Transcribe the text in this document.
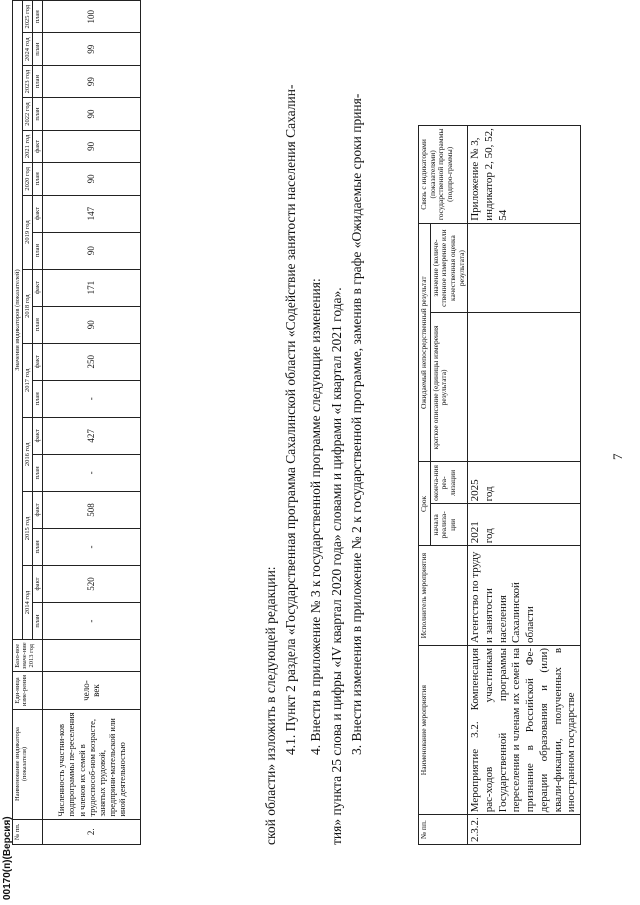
7
№ пп.	Наименование мероприятия	Исполнитель мероприятия	Срок		Ожидаемый непосредственный результат		Связь с индикаторами (показателями) государственной программы (подпро-граммы)
			начала реализа-ции	оконча-ния реа-лизации	краткое описание (единицы измерения результата)	значение (количе-ственное измерение или качественная оценка результата)	
2.3.2.	Мероприятие 3.2. Компенсация рас-ходов участникам Государственной программы переселения и членам их семей на признание в Российской Фе-дерации образования и (или) квали-фикации, полученных в иностранном государстве	Агентство по труду и занятости населения Сахалинской области	2021 год	2025 год			Приложение № 3, индикатор 2, 50, 52, 54
3. Внести изменения в приложение № 2 к государственной программе, заменив в графе «Ожидаемые сроки приня-
тия» пункта 25 слова и цифры «IV квартал 2020 года» словами и цифрами «I квартал 2021 года».
4. Внести в приложение № 3 к государственной программе следующие изменения:
4.1. Пункт 2 раздела «Государственная программа Сахалинской области «Содействие занятости населения Сахалин-
ской области» изложить в следующей редакции:
№ пп.	Наименование индикатора (показателя)	Еди-ница изме-рения	Базо-вое значе-ние 2013 год	Значения индикаторов (показателей)																	
				2014 год		2015 год		2016 год		2017 год		2018 год		2019 год		2020 год	2021 год	2022 год	2023 год	2024 год	2025 год
				план	факт	план	факт	план	факт	план	факт	план	факт	план	факт	план	факт	план	план	план	план
2.	Численность участни-ков подпрограммы пе-реселения и членов их семей в трудоспособ-ном возрасте, занятых трудовой, предприни-мательской или иной деятельностью	чело-век		-	520	-	508	-	427	-	250	90	171	90	147	90	90	90	99	99	100
00170(п)(Версия)
